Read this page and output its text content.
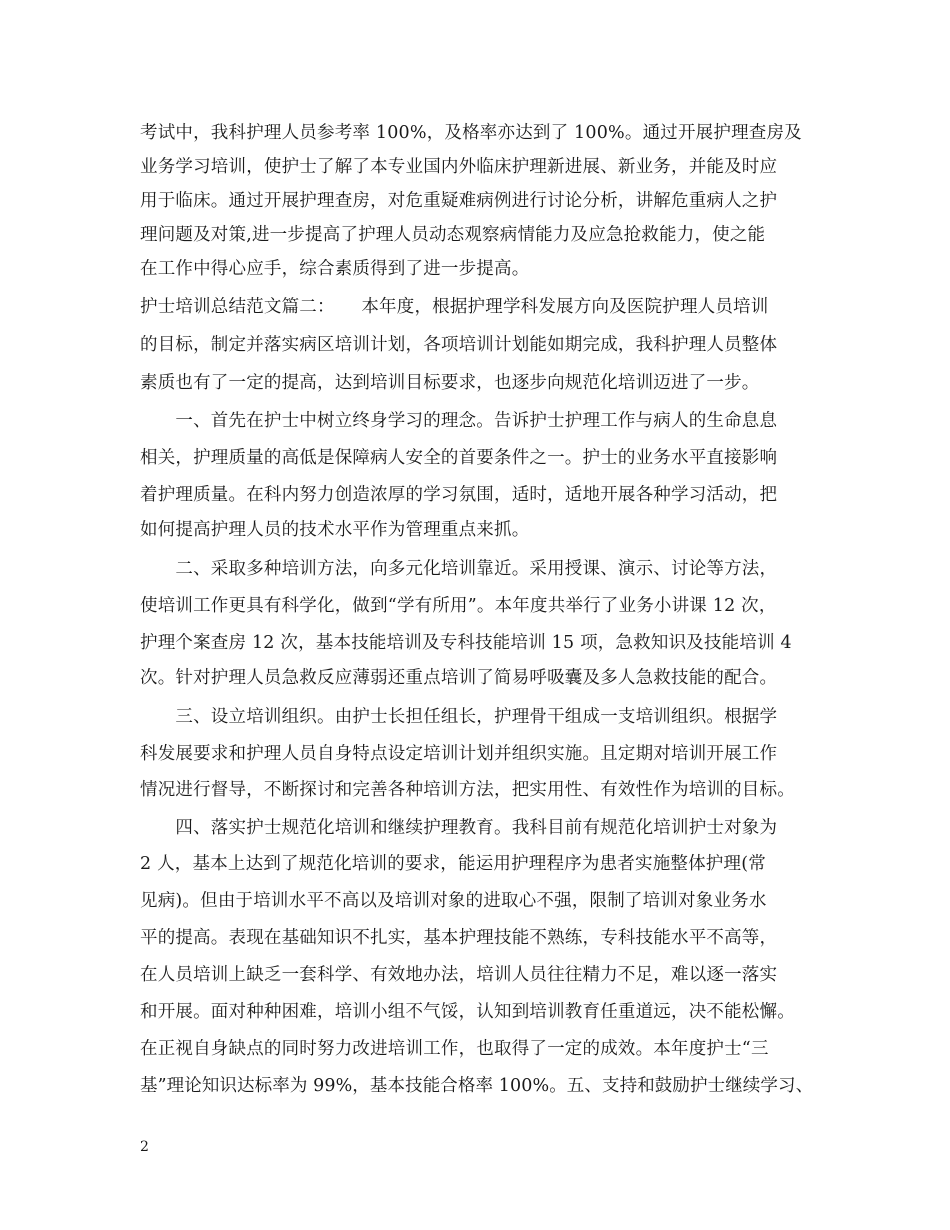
考试中，我科护理人员参考率 100%，及格率亦达到了 100%。通过开展护理查房及
业务学习培训，使护士了解了本专业国内外临床护理新进展、新业务，并能及时应
用于临床。通过开展护理查房，对危重疑难病例进行讨论分析，讲解危重病人之护
理问题及对策,进一步提高了护理人员动态观察病情能力及应急抢救能力，使之能
在工作中得心应手，综合素质得到了进一步提高。
护士培训总结范文篇二：　　本年度，根据护理学科发展方向及医院护理人员培训
的目标，制定并落实病区培训计划，各项培训计划能如期完成，我科护理人员整体
素质也有了一定的提高，达到培训目标要求，也逐步向规范化培训迈进了一步。
　　一、首先在护士中树立终身学习的理念。告诉护士护理工作与病人的生命息息
相关，护理质量的高低是保障病人安全的首要条件之一。护士的业务水平直接影响
着护理质量。在科内努力创造浓厚的学习氛围，适时，适地开展各种学习活动，把
如何提高护理人员的技术水平作为管理重点来抓。
　　二、采取多种培训方法，向多元化培训靠近。采用授课、演示、讨论等方法，
使培训工作更具有科学化，做到“学有所用”。本年度共举行了业务小讲课 12 次，
护理个案查房 12 次，基本技能培训及专科技能培训 15 项，急救知识及技能培训 4
次。针对护理人员急救反应薄弱还重点培训了简易呼吸囊及多人急救技能的配合。
　　三、设立培训组织。由护士长担任组长，护理骨干组成一支培训组织。根据学
科发展要求和护理人员自身特点设定培训计划并组织实施。且定期对培训开展工作
情况进行督导，不断探讨和完善各种培训方法，把实用性、有效性作为培训的目标。
　　四、落实护士规范化培训和继续护理教育。我科目前有规范化培训护士对象为
2 人，基本上达到了规范化培训的要求，能运用护理程序为患者实施整体护理(常
见病)。但由于培训水平不高以及培训对象的进取心不强，限制了培训对象业务水
平的提高。表现在基础知识不扎实，基本护理技能不熟练，专科技能水平不高等，
在人员培训上缺乏一套科学、有效地办法，培训人员往往精力不足，难以逐一落实
和开展。面对种种困难，培训小组不气馁，认知到培训教育任重道远，决不能松懈。
在正视自身缺点的同时努力改进培训工作，也取得了一定的成效。本年度护士“三
基”理论知识达标率为 99%，基本技能合格率 100%。五、支持和鼓励护士继续学习、
2
